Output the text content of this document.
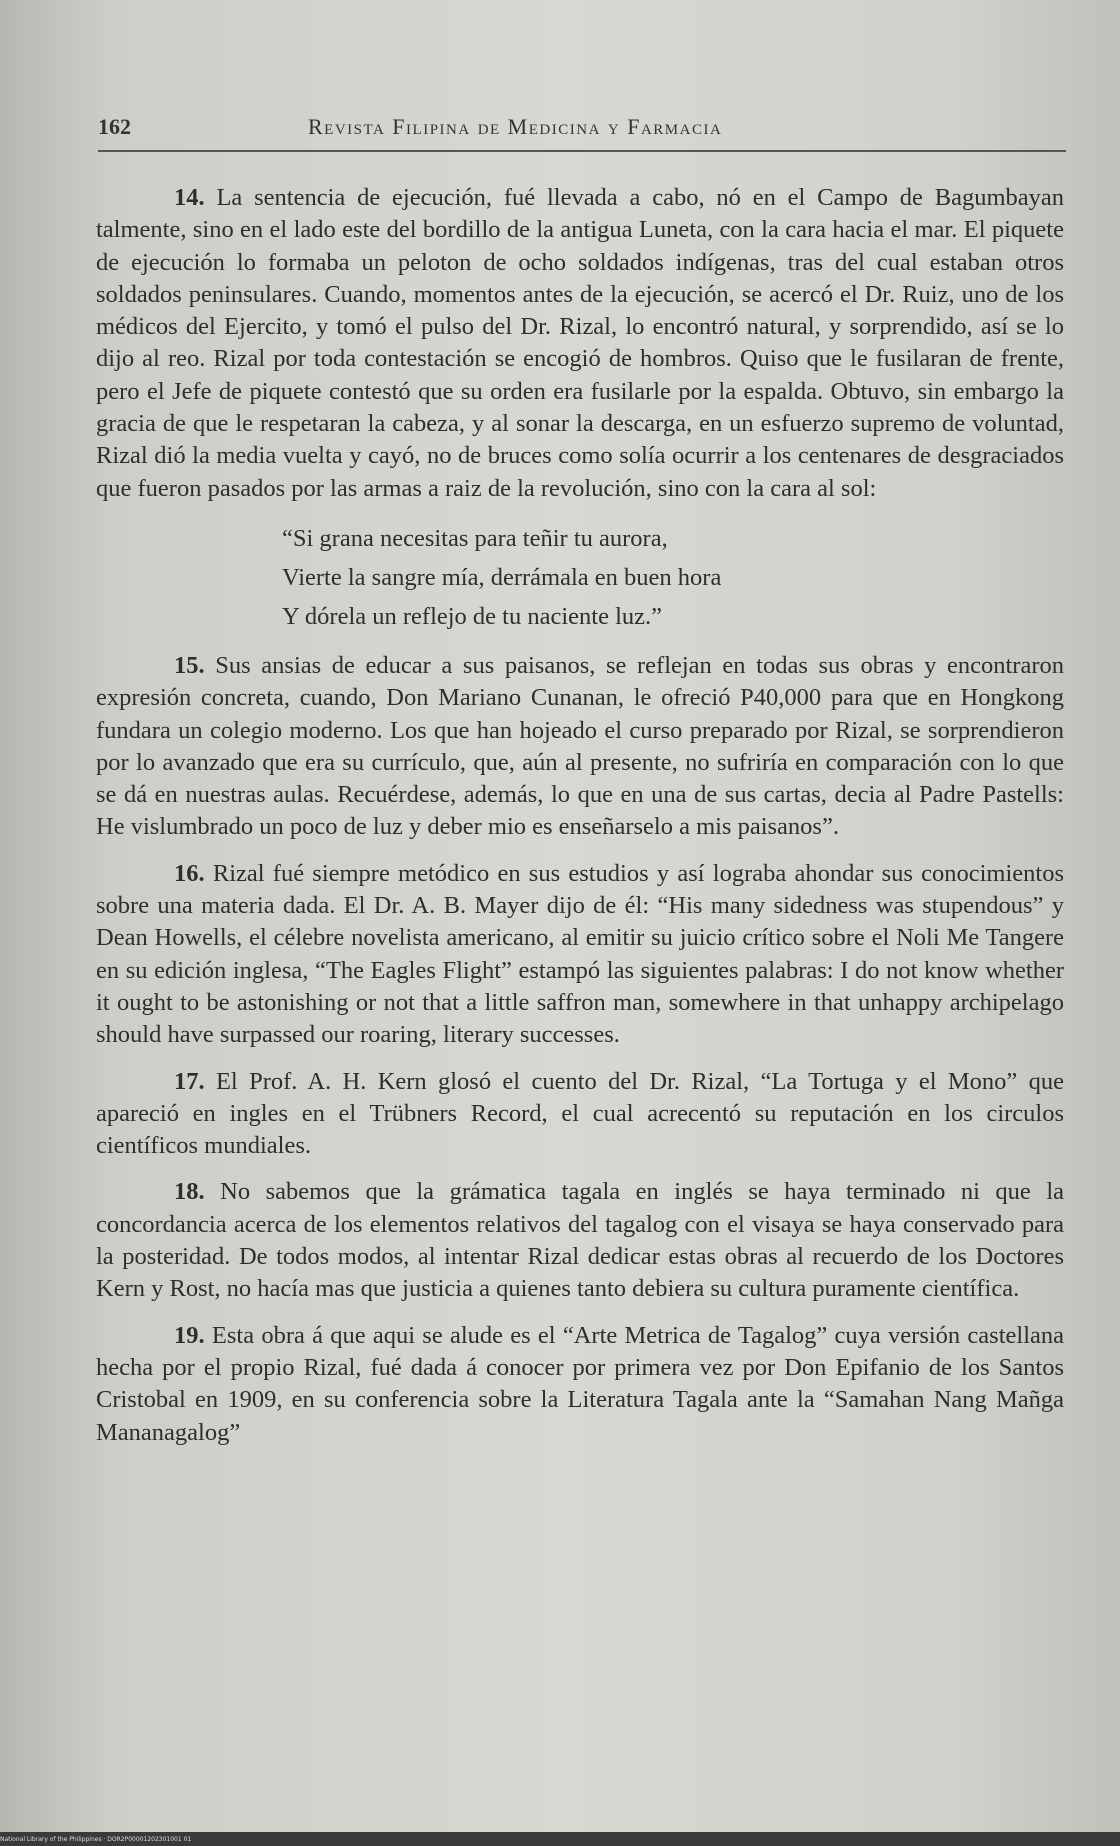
162	Revista Filipina de Medicina y Farmacia

14. La sentencia de ejecución, fué llevada a cabo, nó en el Campo de Bagumbayan talmente, sino en el lado este del bordillo de la antigua Luneta, con la cara hacia el mar. El piquete de ejecución lo formaba un peloton de ocho soldados indígenas, tras del cual estaban otros soldados peninsulares. Cuando, momentos antes de la ejecución, se acercó el Dr. Ruiz, uno de los médicos del Ejercito, y tomó el pulso del Dr. Rizal, lo encontró natural, y sorprendido, así se lo dijo al reo. Rizal por toda contestación se encogió de hombros. Quiso que le fusilaran de frente, pero el Jefe de piquete contestó que su orden era fusilarle por la espalda. Obtuvo, sin embargo la gracia de que le respetaran la cabeza, y al sonar la descarga, en un esfuerzo supremo de voluntad, Rizal dió la media vuelta y cayó, no de bruces como solía ocurrir a los centenares de desgraciados que fueron pasados por las armas a raiz de la revolución, sino con la cara al sol:

“Si grana necesitas para teñir tu aurora,
Vierte la sangre mía, derrámala en buen hora
Y dórela un reflejo de tu naciente luz.”

15. Sus ansias de educar a sus paisanos, se reflejan en todas sus obras y encontraron expresión concreta, cuando, Don Mariano Cunanan, le ofreció P40,000 para que en Hongkong fundara un colegio moderno. Los que han hojeado el curso preparado por Rizal, se sorprendieron por lo avanzado que era su currículo, que, aún al presente, no sufriría en comparación con lo que se dá en nuestras aulas. Recuérdese, además, lo que en una de sus cartas, decia al Padre Pastells: He vislumbrado un poco de luz y deber mio es enseñarselo a mis paisanos”.

16. Rizal fué siempre metódico en sus estudios y así lograba ahondar sus conocimientos sobre una materia dada. El Dr. A. B. Mayer dijo de él: “His many sidedness was stupendous” y Dean Howells, el célebre novelista americano, al emitir su juicio crítico sobre el Noli Me Tangere en su edición inglesa, “The Eagles Flight” estampó las siguientes palabras: I do not know whether it ought to be astonishing or not that a little saffron man, somewhere in that unhappy archipelago should have surpassed our roaring, literary successes.

17. El Prof. A. H. Kern glosó el cuento del Dr. Rizal, “La Tortuga y el Mono” que apareció en ingles en el Trübners Record, el cual acrecentó su reputación en los circulos científicos mundiales.

18. No sabemos que la grámatica tagala en inglés se haya terminado ni que la concordancia acerca de los elementos relativos del tagalog con el visaya se haya conservado para la posteridad. De todos modos, al intentar Rizal dedicar estas obras al recuerdo de los Doctores Kern y Rost, no hacía mas que justicia a quienes tanto debiera su cultura puramente científica.

19. Esta obra á que aqui se alude es el “Arte Metrica de Tagalog” cuya versión castellana hecha por el propio Rizal, fué dada á conocer por primera vez por Don Epifanio de los Santos Cristobal en 1909, en su conferencia sobre la Literatura Tagala ante la “Samahan Nang Mañga Mananagalog”

National Library of the Philippines · DOR2P00001202301001 01
